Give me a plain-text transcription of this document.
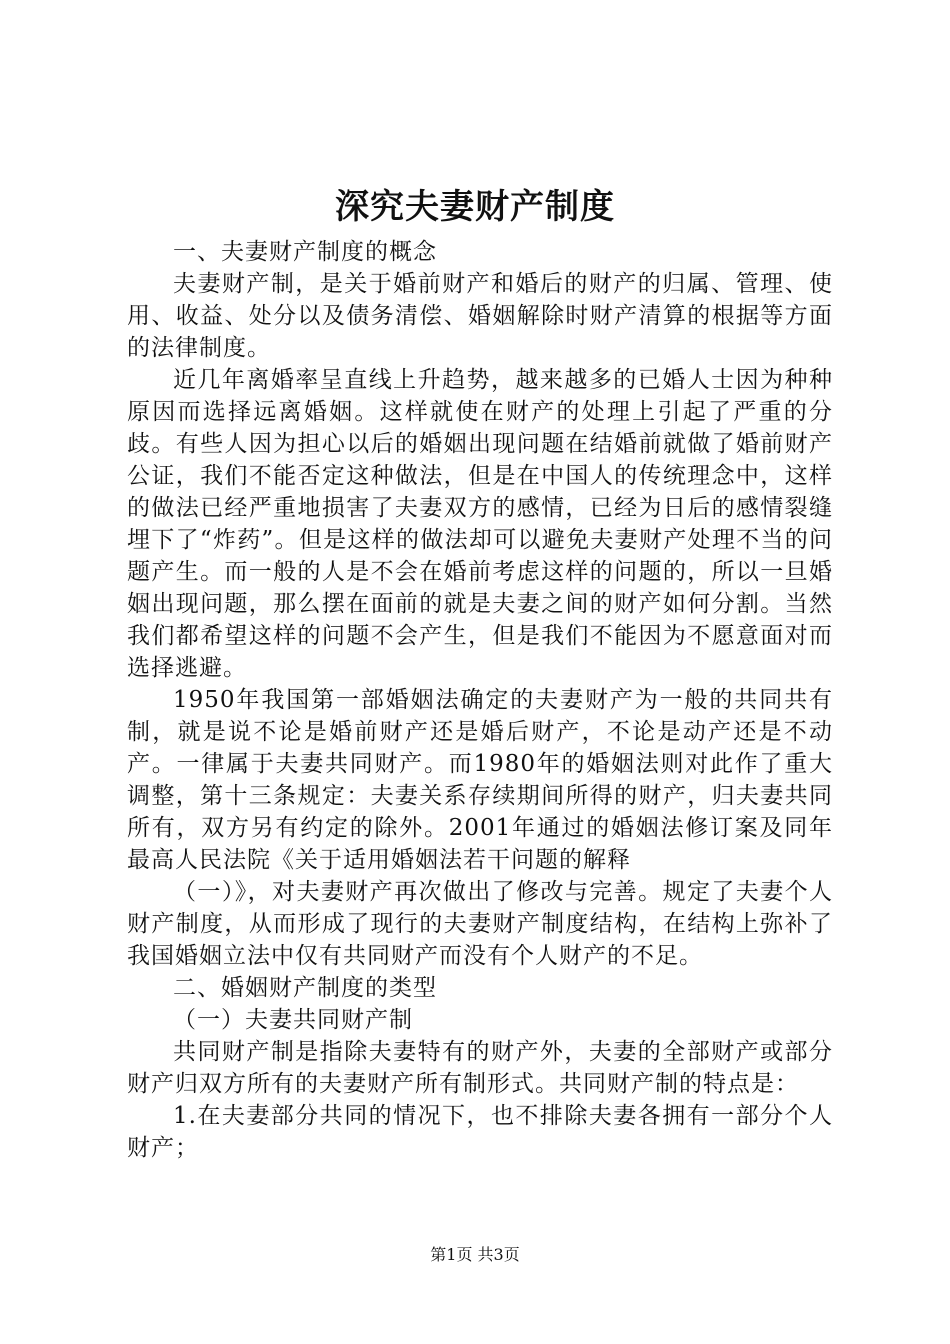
深究夫妻财产制度

一、夫妻财产制度的概念

夫妻财产制，是关于婚前财产和婚后的财产的归属、管理、使用、收益、处分以及债务清偿、婚姻解除时财产清算的根据等方面的法律制度。

近几年离婚率呈直线上升趋势，越来越多的已婚人士因为种种原因而选择远离婚姻。这样就使在财产的处理上引起了严重的分歧。有些人因为担心以后的婚姻出现问题在结婚前就做了婚前财产公证，我们不能否定这种做法，但是在中国人的传统理念中，这样的做法已经严重地损害了夫妻双方的感情，已经为日后的感情裂缝埋下了“炸药”。但是这样的做法却可以避免夫妻财产处理不当的问题产生。而一般的人是不会在婚前考虑这样的问题的，所以一旦婚姻出现问题，那么摆在面前的就是夫妻之间的财产如何分割。当然我们都希望这样的问题不会产生，但是我们不能因为不愿意面对而选择逃避。

1950年我国第一部婚姻法确定的夫妻财产为一般的共同共有制，就是说不论是婚前财产还是婚后财产，不论是动产还是不动产。一律属于夫妻共同财产。而1980年的婚姻法则对此作了重大调整，第十三条规定：夫妻关系存续期间所得的财产，归夫妻共同所有，双方另有约定的除外。2001年通过的婚姻法修订案及同年最高人民法院《关于适用婚姻法若干问题的解释

（一）》，对夫妻财产再次做出了修改与完善。规定了夫妻个人财产制度，从而形成了现行的夫妻财产制度结构，在结构上弥补了我国婚姻立法中仅有共同财产而没有个人财产的不足。

二、婚姻财产制度的类型

（一）夫妻共同财产制

共同财产制是指除夫妻特有的财产外，夫妻的全部财产或部分财产归双方所有的夫妻财产所有制形式。共同财产制的特点是：

1.在夫妻部分共同的情况下，也不排除夫妻各拥有一部分个人财产；

第1页 共3页
